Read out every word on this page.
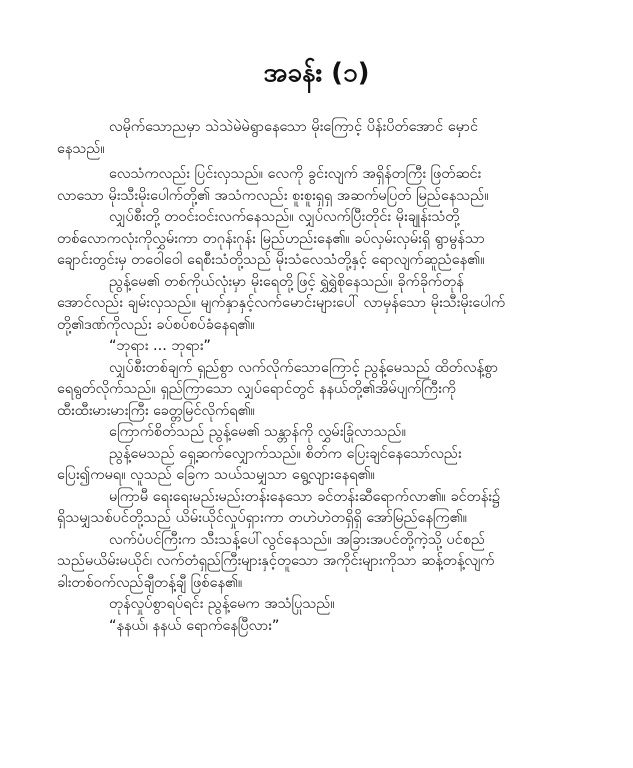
အခန်း (၁)
လမိုက်သောညမှာ သဲသဲမဲမဲရွာနေသော မိုးကြောင့် ပိန်းပိတ်အောင် မှောင်
နေသည်။
လေသံကလည်း ပြင်းလှသည်။ လေကို ခွင်းလျက် အရှိန်တကြီး ဖြတ်ဆင်း
လာသော မိုးသီးမိုးပေါက်တို့၏ အသံကလည်း စူးစူးရှရှ အဆက်မပြတ် မြည်နေသည်။
လျှပ်စီးတို့ တဝင်းဝင်းလက်နေသည်။ လျှပ်လက်ပြီးတိုင်း မိုးချုန်းသံတို့
တစ်လောကလုံးကိုလွှမ်းကာ တဂုန်းဂုန်း မြည်ဟည်းနေ၏။ ခပ်လှမ်းလှမ်းရှိ ရွာမွန်သာ
ချောင်းတွင်းမှ တဝေါဝေါ ရေစီးသံတို့သည် မိုးသံလေသံတို့နှင့် ရောလျက်ဆူညံနေ၏။
ညွန့်မေ၏ တစ်ကိုယ်လုံးမှာ မိုးရေတို့ဖြင့် ရွှဲရွှဲစိုနေသည်။ ခိုက်ခိုက်တုန်
အောင်လည်း ချမ်းလှသည်။ မျက်နှာနှင့်လက်မောင်းများပေါ် လာမှန်သော မိုးသီးမိုးပေါက်
တို့၏ဒဏ်ကိုလည်း ခပ်စပ်စပ်ခံနေရ၏။
“ဘုရား ... ဘုရား”
လျှပ်စီးတစ်ချက် ရှည်စွာ လက်လိုက်သောကြောင့် ညွန့်မေသည် ထိတ်လန့်စွာ
ရေရွတ်လိုက်သည်။ ရှည်ကြာသော လျှပ်ရောင်တွင် နနယ်တို့၏အိမ်ပျက်ကြီးကို
ထီးထီးမားမားကြီး ခေတ္တမြင်လိုက်ရ၏။
ကြောက်စိတ်သည် ညွန့်မေ၏ သန္တာန်ကို လွှမ်းခြုံလာသည်။
ညွန့်မေသည် ရှေ့ဆက်လျှောက်သည်။ စိတ်က ပြေးချင်နေသော်လည်း
ပြေး၍ကမရ။ လူသည် ခြေက သယ်သမျှသာ ရွေ့လျားနေရ၏။
မကြာမီ ရေးရေးမည်းမည်းတန်းနေသော ခင်တန်းဆီရောက်လာ၏။ ခင်တန်း၌
ရှိသမျှသစ်ပင်တို့သည် ယိမ်းယိုင်လှုပ်ရှားကာ တဟဲဟဲတရှိရှိ အော်မြည်နေကြ၏။
လက်ပံပင်ကြီးက သီးသန့်ပေါ်လွင်နေသည်။ အခြားအပင်တို့ကဲ့သို့ ပင်စည်
သည်မယိမ်းမယိုင်၊ လက်တံရှည်ကြီးများနှင့်တူသော အကိုင်းများကိုသာ ဆန့်တန့်လျက်
ခါးတစ်ဝက်လည်ချီတန့်ချီ ဖြစ်နေ၏။
တုန်လှုပ်စွာရပ်ရင်း ညွန့်မေက အသံပြုသည်။
“နနယ်၊ နနယ် ရောက်နေပြီလား”
